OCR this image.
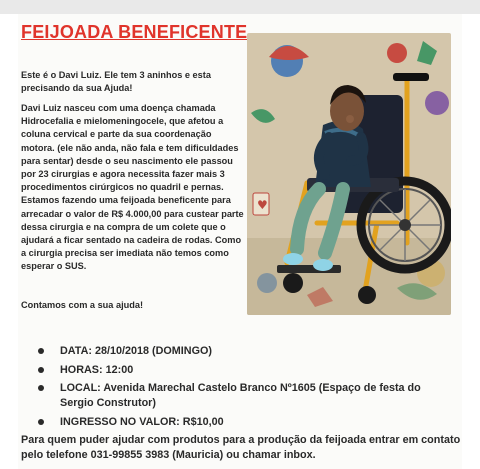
FEIJOADA BENEFICENTE
Este é o Davi Luiz. Ele tem 3 aninhos e esta precisando da sua Ajuda!
Davi Luiz nasceu com uma doença chamada Hidrocefalia e mielomeningocele, que afetou a coluna cervical e parte da sua coordenação motora. (ele não anda, não fala e tem dificuldades para sentar) desde o seu nascimento ele passou por 23 cirurgias e agora necessita fazer mais 3 procedimentos cirúrgicos no quadril e pernas. Estamos fazendo uma feijoada beneficente para arrecadar o valor de R$ 4.000,00 para custear parte dessa cirurgia e na compra de um colete que o ajudará a ficar sentado na cadeira de rodas. Como a cirurgia precisa ser imediata não temos como esperar o SUS.
Contamos com a sua ajuda!
♥
DATA: 28/10/2018 (DOMINGO)
HORAS: 12:00
LOCAL: Avenida Marechal Castelo Branco Nº1605 (Espaço de festa do Sergio Construtor)
INGRESSO NO VALOR: R$10,00
Para quem puder ajudar com produtos para a produção da feijoada entrar em contato pelo telefone 031-99855 3983 (Mauricia) ou chamar inbox.
